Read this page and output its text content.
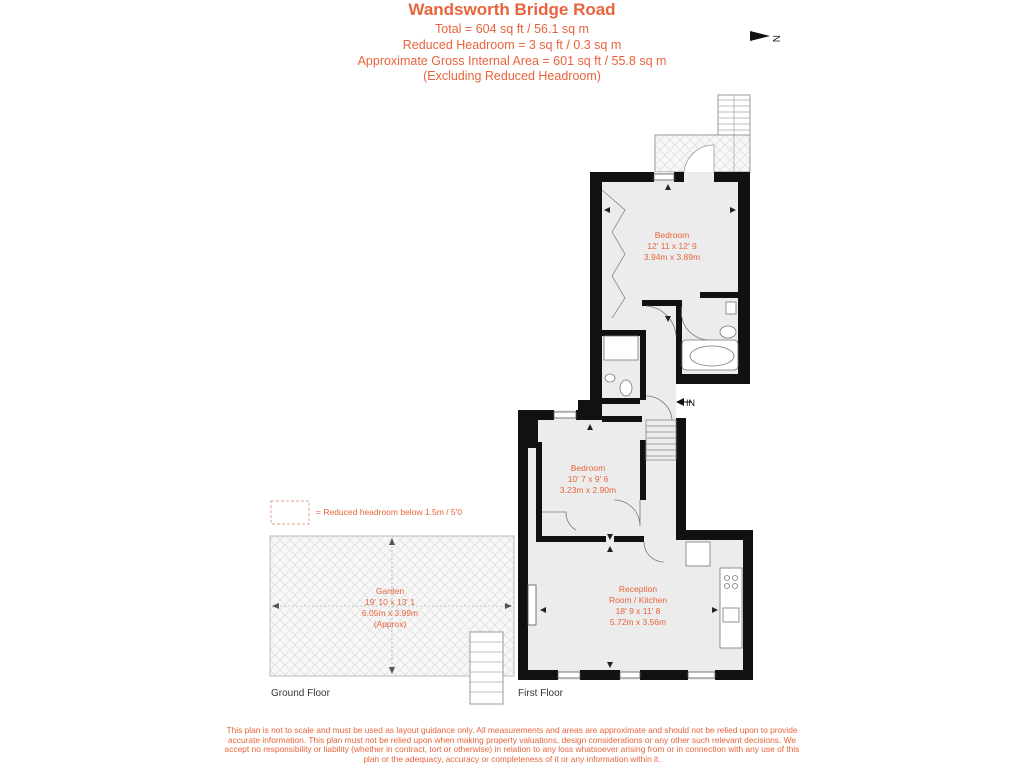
Wandsworth Bridge Road
Total = 604 sq ft / 56.1 sq m
Reduced Headroom = 3 sq ft / 0.3 sq m
Approximate Gross Internal Area = 601 sq ft / 55.8 sq m
(Excluding Reduced Headroom)
N
Garden
19' 10 x 13' 1
6.05m x 3.99m
(Approx)
IN
Bedroom
12' 11 x 12' 9
3.94m x 3.89m
Bedroom
10' 7 x 9' 6
3.23m x 2.90m
Reception
Room / Kitchen
18' 9 x 11' 8
5.72m x 3.56m
Ground Floor	First Floor
= Reduced headroom below 1.5m / 5'0
This plan is not to scale and must be used as layout guidance only. All measurements and areas are approximate and should not be relied upon to provide accurate information. This plan must not be relied upon when making property valuations, design considerations or any other such relevant decisions. We accept no responsibility or liability (whether in contract, tort or otherwise) in relation to any loss whatsoever arising from or in connection with any use of this plan or the adequacy, accuracy or completeness of it or any information within it.
